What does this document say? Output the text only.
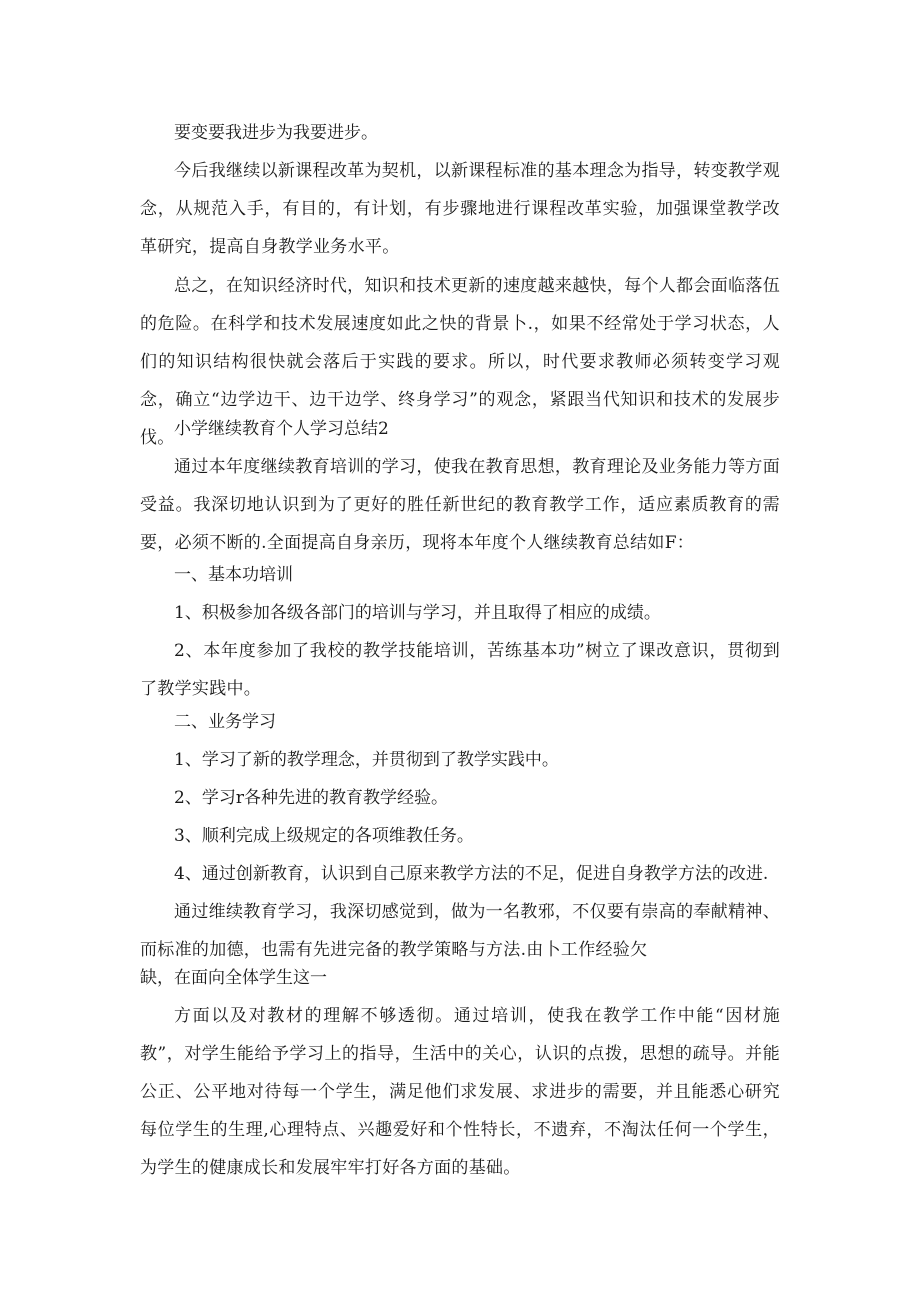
要变要我进步为我要进步。

今后我继续以新课程改革为契机，以新课程标准的基本理念为指导，转变教学观念，从规范入手，有目的，有计划，有步骤地进行课程改革实验，加强课堂教学改革研究，提高自身教学业务水平。

总之，在知识经济时代，知识和技术更新的速度越来越快，每个人都会面临落伍的危险。在科学和技术发展速度如此之快的背景卜.，如果不经常处于学习状态，人们的知识结构很快就会落后于实践的要求。所以，时代要求教师必须转变学习观念，确立“边学边干、边干边学、终身学习”的观念，紧跟当代知识和技术的发展步伐。 小学继续教育个人学习总结2

通过本年度继续教育培训的学习，使我在教育思想，教育理论及业务能力等方面受益。我深切地认识到为了更好的胜任新世纪的教育教学工作，适应素质教育的需要，必须不断的.全面提高自身亲历，现将本年度个人继续教育总结如F：

一、基本功培训

1、积极参加各级各部门的培训与学习，并且取得了相应的成绩。

2、本年度参加了我校的教学技能培训，苦练基本功”树立了课改意识，贯彻到了教学实践中。

二、业务学习

1、学习了新的教学理念，并贯彻到了教学实践中。

2、学习r各种先进的教育教学经验。

3、顺利完成上级规定的各项维教任务。

4、通过创新教育，认识到自己原来教学方法的不足，促进自身教学方法的改进.

通过维续教育学习，我深切感觉到，做为一名教邪，不仅要有崇高的奉献精神、而标准的加德，也需有先进完备的教学策略与方法.由卜工作经验欠

缺，在面向全体学生这一

方面以及对教材的理解不够透彻。通过培训，使我在教学工作中能“因材施教”，对学生能给予学习上的指导，生活中的关心，认识的点拨，思想的疏导。并能公正、公平地对待每一个学生，满足他们求发展、求进步的需要，并且能悉心研究每位学生的生理,心理特点、兴趣爱好和个性特长，不遗弃，不淘汰任何一个学生，为学生的健康成长和发展牢牢打好各方面的基础。
